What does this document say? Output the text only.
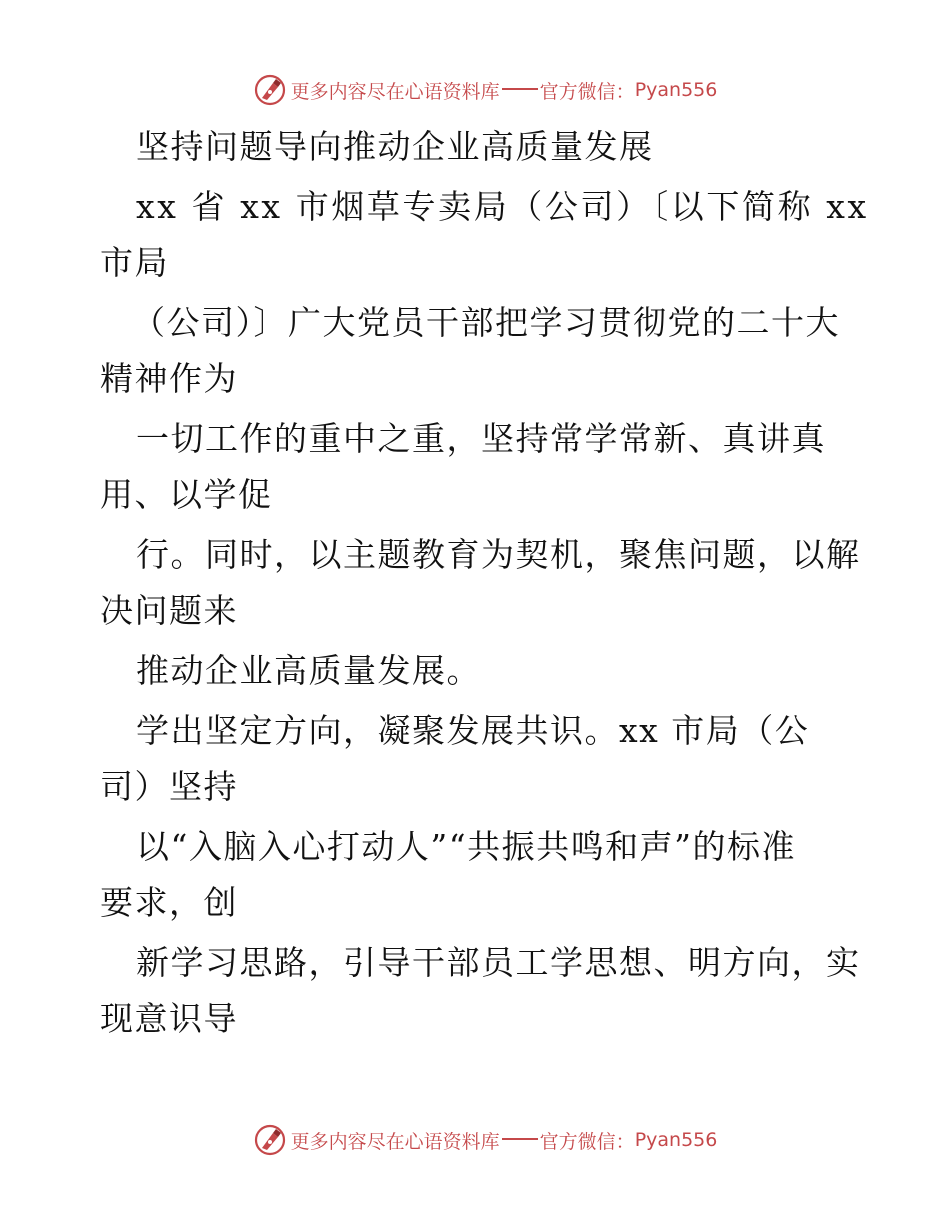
更多内容尽在心语资料库 官方微信： Pyan556
坚持问题导向推动企业高质量发展
xx 省 xx 市烟草专卖局（公司）〔以下简称 xx
市局
（公司）〕广大党员干部把学习贯彻党的二十大
精神作为
一切工作的重中之重，坚持常学常新、真讲真
用、以学促
行。同时，以主题教育为契机，聚焦问题，以解
决问题来
推动企业高质量发展。
学出坚定方向，凝聚发展共识。xx 市局（公
司）坚持
以“入脑入心打动人”“共振共鸣和声”的标准
要求，创
新学习思路，引导干部员工学思想、明方向，实
现意识导
更多内容尽在心语资料库 官方微信： Pyan556
